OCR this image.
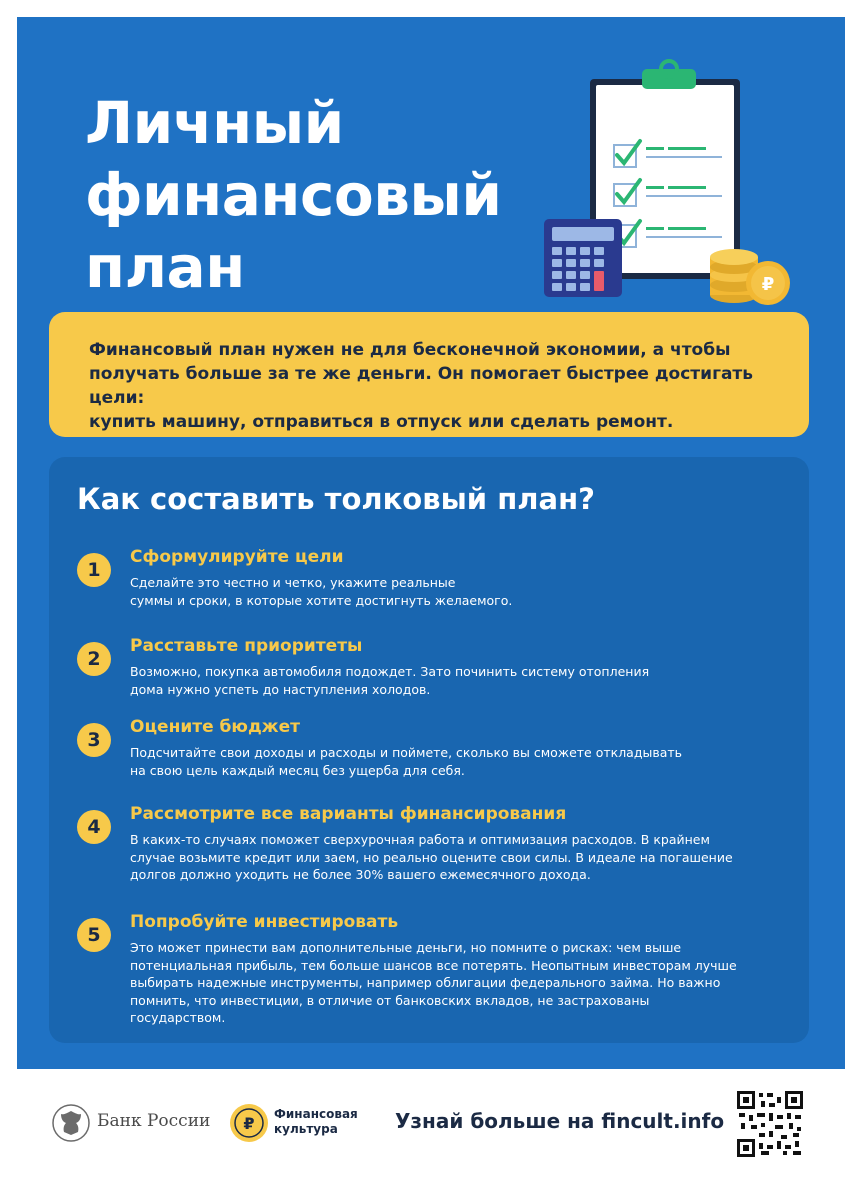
Личный
финансовый
план	₽

Финансовый план нужен не для бесконечной экономии, а чтобы
получать больше за те же деньги. Он помогает быстрее достигать цели:
купить машину, отправиться в отпуск или сделать ремонт.

Как составить толковый план?
1
Сформулируйте цели
Сделайте это честно и четко, укажите реальные
суммы и сроки, в которые хотите достигнуть желаемого.
2
Расставьте приоритеты
Возможно, покупка автомобиля подождет. Зато починить систему отопления
дома нужно успеть до наступления холодов.
3
Оцените бюджет
Подсчитайте свои доходы и расходы и поймете, сколько вы сможете откладывать
на свою цель каждый месяц без ущерба для себя.
4
Рассмотрите все варианты финансирования
В каких-то случаях поможет сверхурочная работа и оптимизация расходов. В крайнем
случае возьмите кредит или заем, но реально оцените свои силы. В идеале на погашение
долгов должно уходить не более 30% вашего ежемесячного дохода.
5
Попробуйте инвестировать
Это может принести вам дополнительные деньги, но помните о рисках: чем выше
потенциальная прибыль, тем больше шансов все потерять. Неопытным инвесторам лучше
выбирать надежные инструменты, например облигации федерального займа. Но важно
помнить, что инвестиции, в отличие от банковских вкладов, не застрахованы
государством.
Банк России ₽ Финансовая
культура	Узнай больше на fincult.info
